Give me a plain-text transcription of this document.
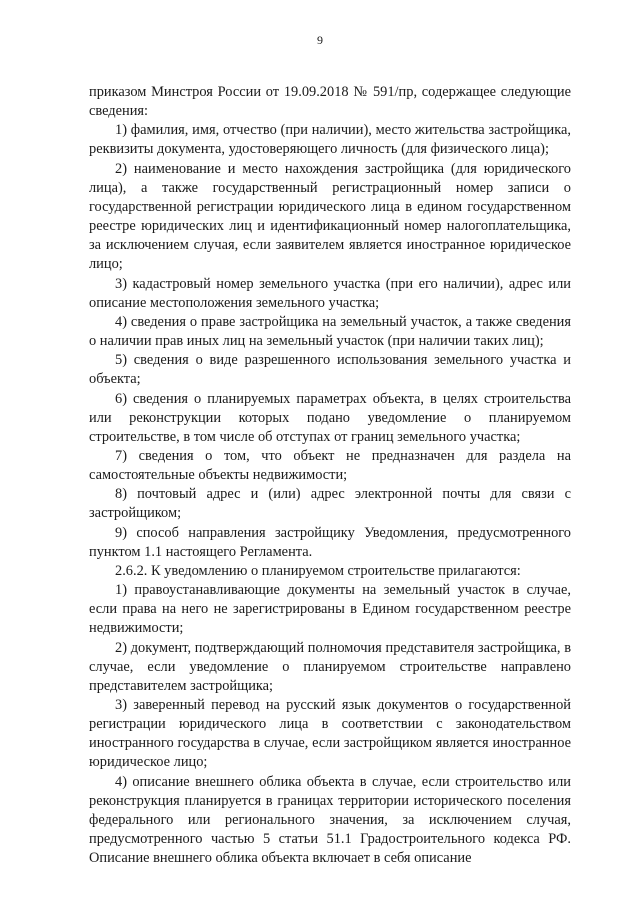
9

приказом Минстроя России от 19.09.2018 № 591/пр, содержащее следующие сведения:

1) фамилия, имя, отчество (при наличии), место жительства застройщика, реквизиты документа, удостоверяющего личность (для физического лица);

2) наименование и место нахождения застройщика (для юридического лица), а также государственный регистрационный номер записи о государственной регистрации юридического лица в едином государственном реестре юридических лиц и идентификационный номер налогоплательщика, за исключением случая, если заявителем является иностранное юридическое лицо;

3) кадастровый номер земельного участка (при его наличии), адрес или описание местоположения земельного участка;

4) сведения о праве застройщика на земельный участок, а также сведения о наличии прав иных лиц на земельный участок (при наличии таких лиц);

5) сведения о виде разрешенного использования земельного участка и объекта;

6) сведения о планируемых параметрах объекта, в целях строительства или реконструкции которых подано уведомление о планируемом строительстве, в том числе об отступах от границ земельного участка;

7) сведения о том, что объект не предназначен для раздела на самостоятельные объекты недвижимости;

8) почтовый адрес и (или) адрес электронной почты для связи с застройщиком;

9) способ направления застройщику Уведомления, предусмотренного пунктом 1.1 настоящего Регламента.

2.6.2. К уведомлению о планируемом строительстве прилагаются:

1) правоустанавливающие документы на земельный участок в случае, если права на него не зарегистрированы в Едином государственном реестре недвижимости;

2) документ, подтверждающий полномочия представителя застройщика, в случае, если уведомление о планируемом строительстве направлено представителем застройщика;

3) заверенный перевод на русский язык документов о государственной регистрации юридического лица в соответствии с законодательством иностранного государства в случае, если застройщиком является иностранное юридическое лицо;

4) описание внешнего облика объекта в случае, если строительство или реконструкция планируется в границах территории исторического поселения федерального или регионального значения, за исключением случая, предусмотренного частью 5 статьи 51.1 Градостроительного кодекса РФ. Описание внешнего облика объекта включает в себя описание
